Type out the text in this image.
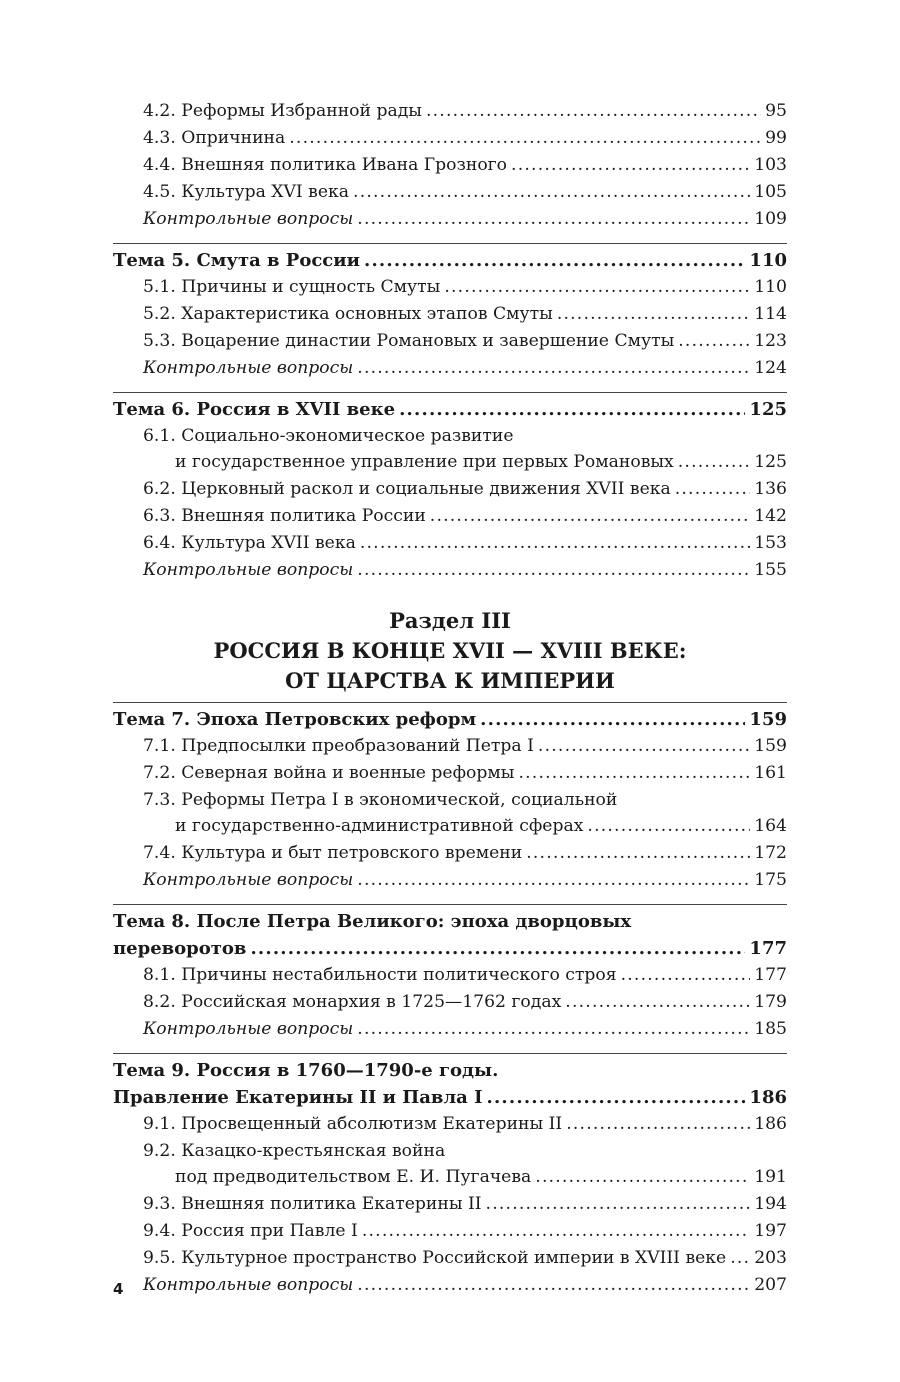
4.2. Реформы Избранной рады .....	95
4.3. Опричнина .....	99
4.4. Внешняя политика Ивана Грозного .....	103
4.5. Культура XVI века .....	105
Контрольные вопросы .....	109
Тема 5. Смута в России .....	110
5.1. Причины и сущность Смуты .....	110
5.2. Характеристика основных этапов Смуты .....	114
5.3. Воцарение династии Романовых и завершение Смуты .....	123
Контрольные вопросы .....	124
Тема 6. Россия в XVII веке .....	125
6.1. Социально-экономическое развитие
и государственное управление при первых Романовых .....	125
6.2. Церковный раскол и социальные движения XVII века .....	136
6.3. Внешняя политика России .....	142
6.4. Культура XVII века .....	153
Контрольные вопросы .....	155
Раздел III
РОССИЯ В КОНЦЕ XVII — XVIII ВЕКЕ:
ОТ ЦАРСТВА К ИМПЕРИИ
Тема 7. Эпоха Петровских реформ .....	159
7.1. Предпосылки преобразований Петра I .....	159
7.2. Северная война и военные реформы .....	161
7.3. Реформы Петра I в экономической, социальной
и государственно-административной сферах .....	164
7.4. Культура и быт петровского времени .....	172
Контрольные вопросы .....	175
Тема 8. После Петра Великого: эпоха дворцовых
переворотов .....	177
8.1. Причины нестабильности политического строя .....	177
8.2. Российская монархия в 1725—1762 годах .....	179
Контрольные вопросы .....	185
Тема 9. Россия в 1760—1790-е годы.
Правление Екатерины II и Павла I .....	186
9.1. Просвещенный абсолютизм Екатерины II .....	186
9.2. Казацко-крестьянская война
под предводительством Е. И. Пугачева .....	191
9.3. Внешняя политика Екатерины II .....	194
9.4. Россия при Павле I .....	197
9.5. Культурное пространство Российской империи в XVIII веке ..... 203
Контрольные вопросы .....	207
4
